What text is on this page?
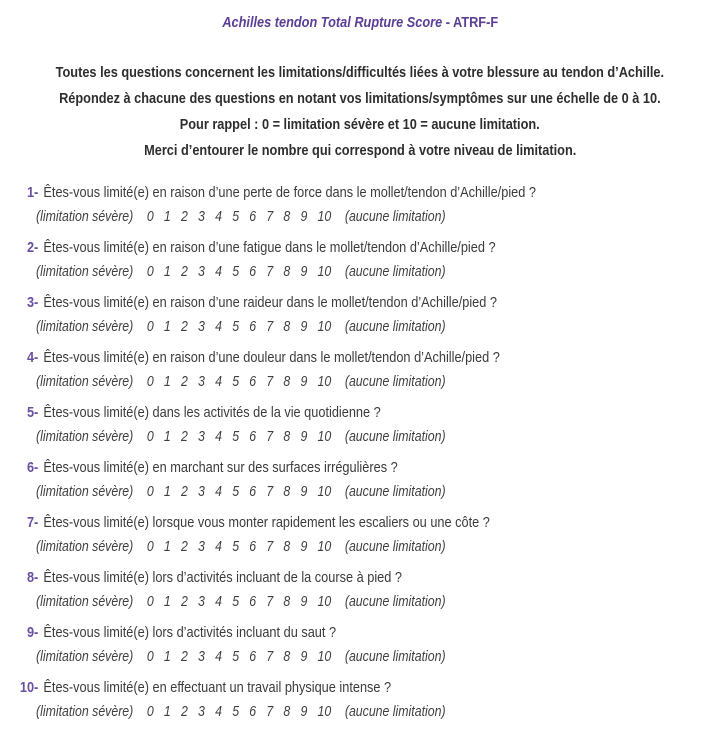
Achilles tendon Total Rupture Score - ATRF-F
Toutes les questions concernent les limitations/difficultés liées à votre blessure au tendon d’Achille.
Répondez à chacune des questions en notant vos limitations/symptômes sur une échelle de 0 à 10.
Pour rappel : 0 = limitation sévère et 10 = aucune limitation.
Merci d’entourer le nombre qui correspond à votre niveau de limitation.
1- Êtes-vous limité(e) en raison d’une perte de force dans le mollet/tendon d’Achille/pied ?
(limitation sévère) 0 1 2 3 4 5 6 7 8 9 10 (aucune limitation)
2- Êtes-vous limité(e) en raison d’une fatigue dans le mollet/tendon d’Achille/pied ?
(limitation sévère) 0 1 2 3 4 5 6 7 8 9 10 (aucune limitation)
3- Êtes-vous limité(e) en raison d’une raideur dans le mollet/tendon d’Achille/pied ?
(limitation sévère) 0 1 2 3 4 5 6 7 8 9 10 (aucune limitation)
4- Êtes-vous limité(e) en raison d’une douleur dans le mollet/tendon d’Achille/pied ?
(limitation sévère) 0 1 2 3 4 5 6 7 8 9 10 (aucune limitation)
5- Êtes-vous limité(e) dans les activités de la vie quotidienne ?
(limitation sévère) 0 1 2 3 4 5 6 7 8 9 10 (aucune limitation)
6- Êtes-vous limité(e) en marchant sur des surfaces irrégulières ?
(limitation sévère) 0 1 2 3 4 5 6 7 8 9 10 (aucune limitation)
7- Êtes-vous limité(e) lorsque vous monter rapidement les escaliers ou une côte ?
(limitation sévère) 0 1 2 3 4 5 6 7 8 9 10 (aucune limitation)
8- Êtes-vous limité(e) lors d’activités incluant de la course à pied ?
(limitation sévère) 0 1 2 3 4 5 6 7 8 9 10 (aucune limitation)
9- Êtes-vous limité(e) lors d’activités incluant du saut ?
(limitation sévère) 0 1 2 3 4 5 6 7 8 9 10 (aucune limitation)
10- Êtes-vous limité(e) en effectuant un travail physique intense ?
(limitation sévère) 0 1 2 3 4 5 6 7 8 9 10 (aucune limitation)
